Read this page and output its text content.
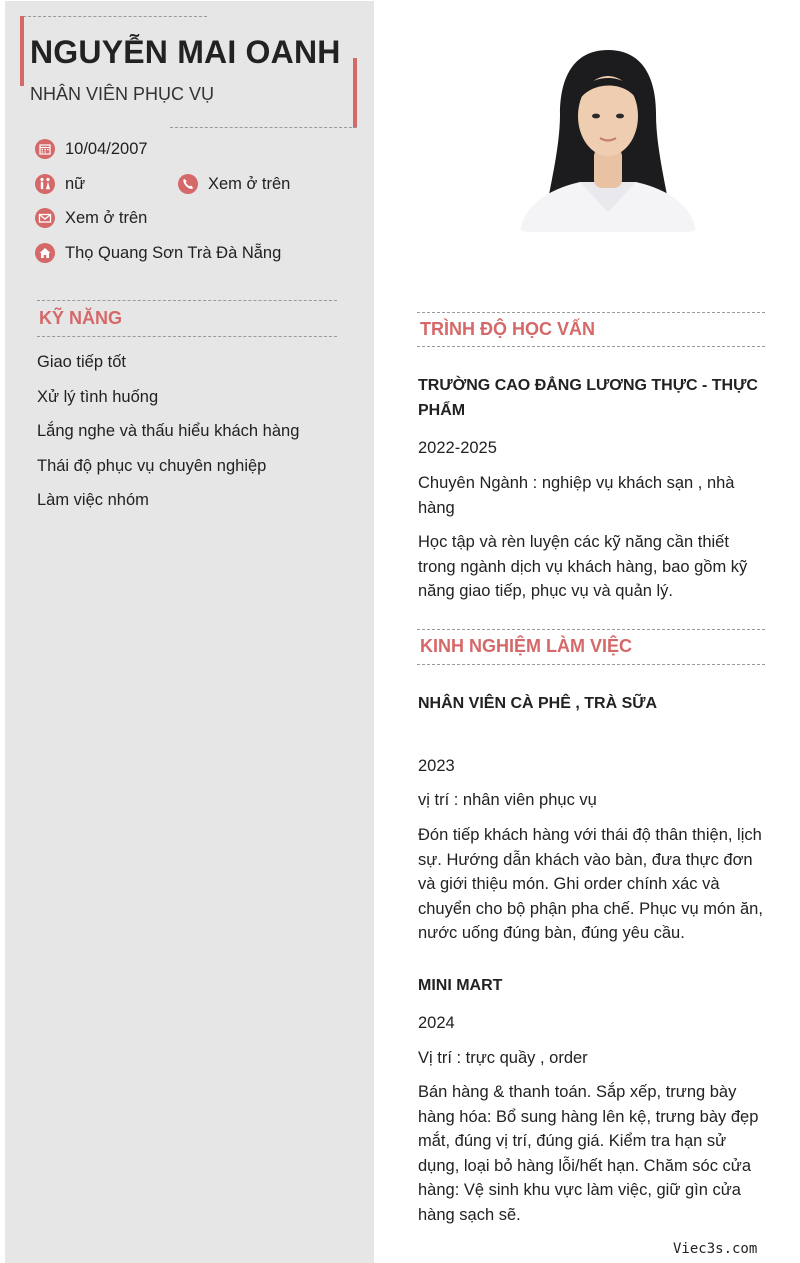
NGUYỄN MAI OANH
NHÂN VIÊN PHỤC VỤ
10/04/2007
nữ	Xem ở trên
Xem ở trên
Thọ Quang Sơn Trà Đà Nẵng
KỸ NĂNG
Giao tiếp tốt
Xử lý tình huống
Lắng nghe và thấu hiểu khách hàng
Thái độ phục vụ chuyên nghiệp
Làm việc nhóm
TRÌNH ĐỘ HỌC VẤN
TRƯỜNG CAO ĐẲNG LƯƠNG THỰC - THỰC PHẨM
2022-2025
Chuyên Ngành : nghiệp vụ khách sạn , nhà hàng
Học tập và rèn luyện các kỹ năng cần thiết trong ngành dịch vụ khách hàng, bao gồm kỹ năng giao tiếp, phục vụ và quản lý.
KINH NGHIỆM LÀM VIỆC
NHÂN VIÊN CÀ PHÊ , TRÀ SỮA
2023
vị trí : nhân viên phục vụ
Đón tiếp khách hàng với thái độ thân thiện, lịch sự. Hướng dẫn khách vào bàn, đưa thực đơn và giới thiệu món. Ghi order chính xác và chuyển cho bộ phận pha chế. Phục vụ món ăn, nước uống đúng bàn, đúng yêu cầu.
MINI MART
2024
Vị trí : trực quầy , order
Bán hàng & thanh toán. Sắp xếp, trưng bày hàng hóa: Bổ sung hàng lên kệ, trưng bày đẹp mắt, đúng vị trí, đúng giá. Kiểm tra hạn sử dụng, loại bỏ hàng lỗi/hết hạn. Chăm sóc cửa hàng: Vệ sinh khu vực làm việc, giữ gìn cửa hàng sạch sẽ.
Viec3s.com
